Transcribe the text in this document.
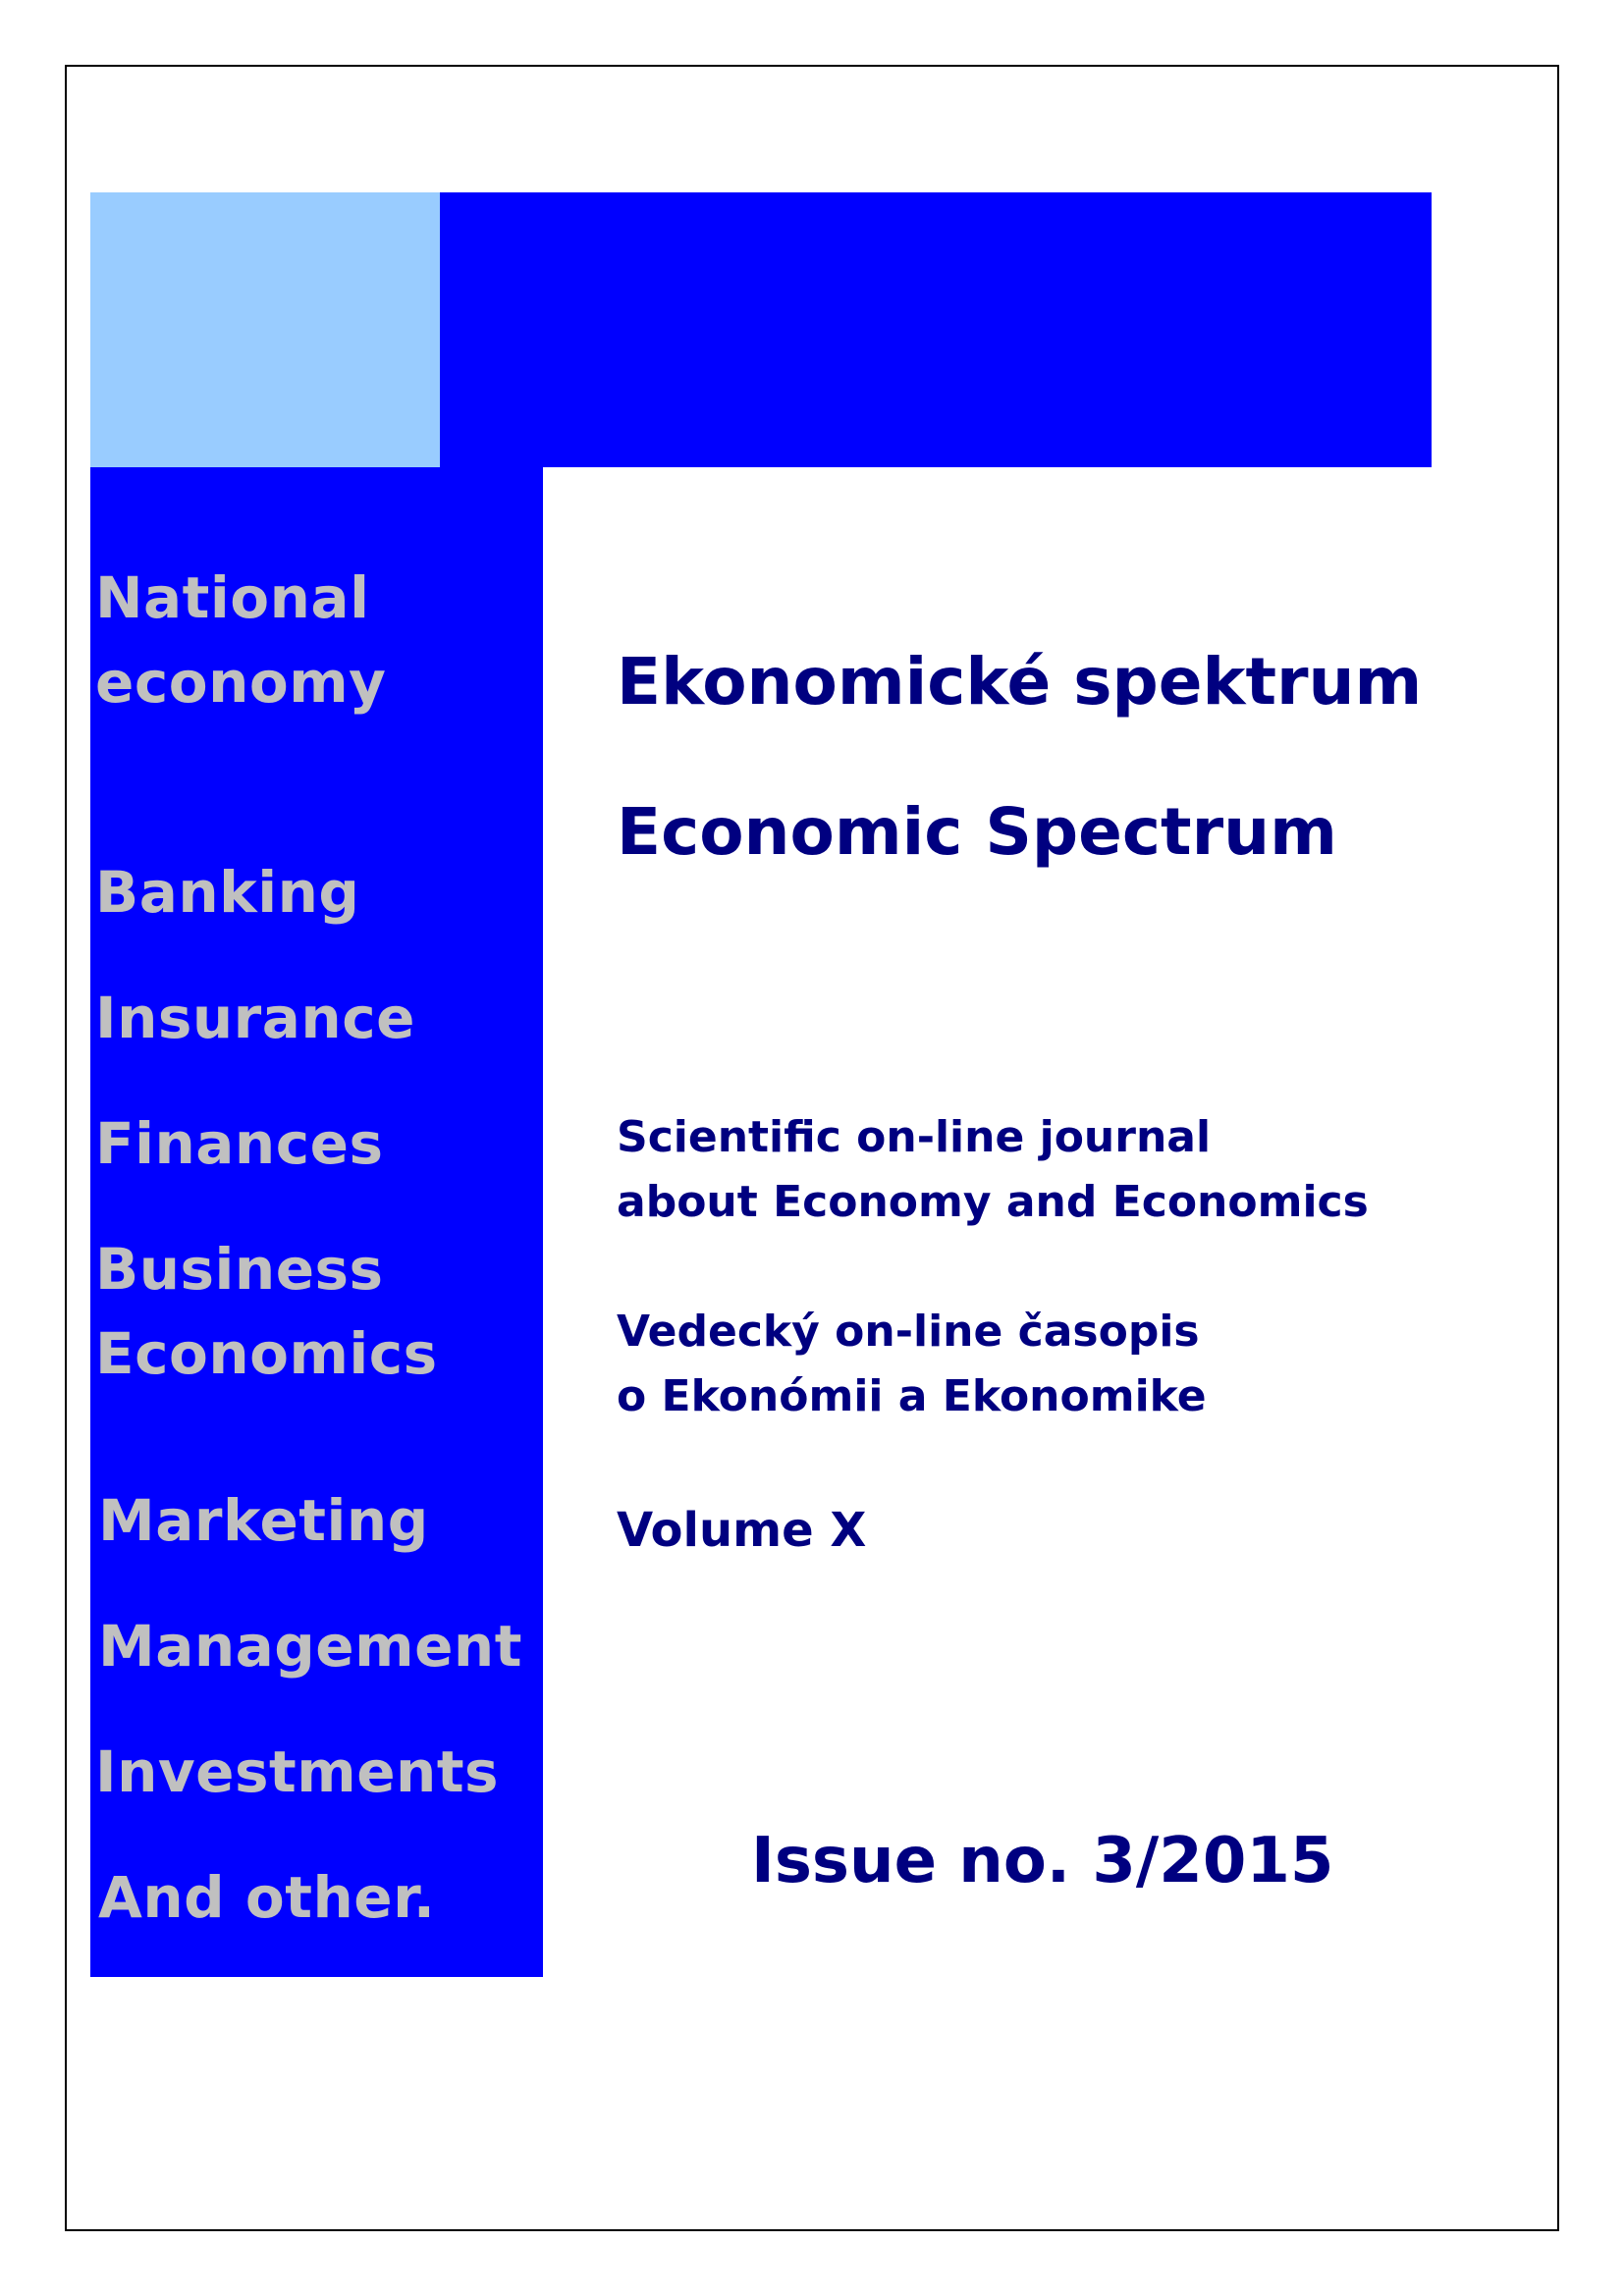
National
economy
Banking
Insurance
Finances
Business
Economics
Marketing
Management
Investments
And other.
Ekonomické spektrum
Economic Spectrum
Scientific on-line journal
about Economy and Economics
Vedecký on-line časopis
o Ekonómii a Ekonomike
Volume X
Issue no. 3/2015
